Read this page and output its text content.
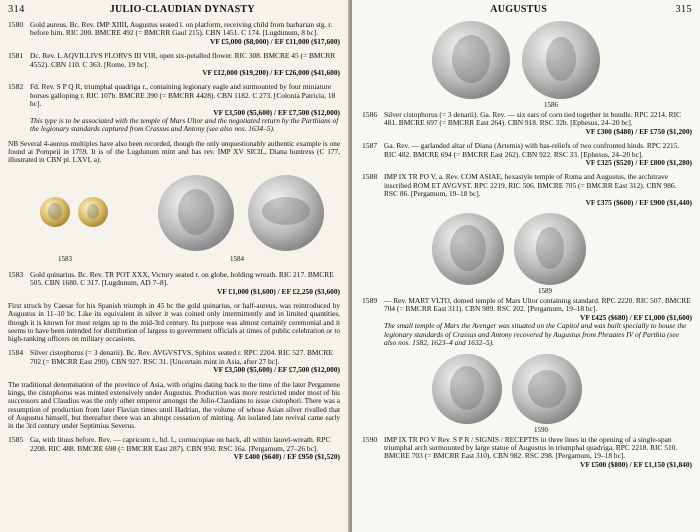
314	JULIO-CLAUDIAN DYNASTY
1580 Gold aureus. Bc. Rev. IMP XIIII, Augustus seated l. on platform, receiving child from barbarian stg. r. before him. RIC 200. BMCRE 492 (= BMCRR Gaul 215). CBN 1451. C 174. [Lugdunum, 8 bc].
VF £5,000 ($8,000) / EF £11,000 ($17,600)
1581 Dc. Rev. L AQVILLIVS FLORVS III VIR, open six-petalled flower. RIC 308. BMCRE 45 (= BMCRR 4552). CBN 110. C 363. [Rome, 19 bc].
VF £12,000 ($19,200) / EF £26,000 ($41,600)
1582 Fd. Rev. S P Q R, triumphal quadriga r., containing legionary eagle and surmounted by four miniature horses galloping r. RIC 107b. BMCRE 390 (= BMCRR 4428). CBN 1182. C 273. [Colonia Patricia, 18 bc].
VF £3,500 ($5,600) / EF £7,500 ($12,000)
This type is to be associated with the temple of Mars Ultor and the negotiated return by the Parthians of the legionary standards captured from Crassus and Antony (see also nos. 1634–5).
NB Several 4-aureus multiples have also been recorded, though the only unquestionably authentic example is one found at Pompeii in 1759. It is of the Lugdunum mint and has rev. IMP XV SICIL, Diana huntress (C 177, illustrated in CBN pl. LXVI, a).
1583	1584
1583 Gold quinarius. Bc. Rev. TR POT XXX, Victory seated r. on globe, holding wreath. RIC 217. BMCRE 505. CBN 1680. C 317. [Lugdunum, AD 7–8].
VF £1,000 ($1,600) / EF £2,250 ($3,600)
First struck by Caesar for his Spanish triumph in 45 bc the gold quinarius, or half-aureus, was reintroduced by Augustus in 11–10 bc. Like its equivalent in silver it was coined only intermittently and in limited quantities, though it is known for most reigns up to the mid-3rd century. Its purpose was almost certainly ceremonial and it seems to have been intended for distribution of largess to government officials at times of public celebration or to high-ranking officers on military occasions.
1584 Silver cistophorus (= 3 denarii). Bc. Rev. AVGVSTVS, Sphinx seated r. RPC 2204. RIC 527. BMCRE 702 (= BMCRR East 290). CBN 927. RSC 31. [Uncertain mint in Asia, after 27 bc].
VF £3,500 ($5,600) / EF £7,500 ($12,000)
The traditional denomination of the province of Asia, with origins dating back to the time of the later Pergamene kings, the cistophorus was minted extensively under Augustus. Production was more restricted under most of his successors and Claudius was the only other emperor amongst the Julio-Claudians to issue cistophori. There was a resumption of production from later Flavian times until Hadrian, the volume of whose Asian silver rivalled that of Augustus himself, but thereafter there was an abrupt cessation of minting. An isolated late revival came early in the 3rd century under Septimius Severus.
1585 Ga, with lituus before. Rev. — capricorn r., hd. l., cornucopiae on back, all within laurel-wreath. RPC 2208. RIC 488. BMCRE 698 (= BMCRR East 287). CBN 950. RSC 16a. [Pergamum, 27–26 bc].
VF £400 ($640) / EF £950 ($1,520)
AUGUSTUS	315
1586
1586 Silver cistophorus (= 3 denarii). Ga. Rev. — six ears of corn tied together in bundle. RPC 2214. RIC 481. BMCRE 697 (= BMCRR East 264). CBN 918. RSC 32b. [Ephesus, 24–20 bc].
VF £300 ($480) / EF £750 ($1,200)
1587 Ga. Rev. — garlanded altar of Diana (Artemis) with bas-reliefs of two confronted hinds. RPC 2215. RIC 482. BMCRE 694 (= BMCRR East 262). CBN 922. RSC 33. [Ephesus, 24–20 bc].
VF £325 ($520) / EF £800 ($1,280)
1588 IMP IX TR PO V, a. Rev. COM ASIAE, hexastyle temple of Roma and Augustus, the architrave inscribed ROM ET AVGVST. RPC 2219. RIC 506. BMCRE 705 (= BMCRR East 312). CBN 986. RSC 86. [Pergamum, 19–18 bc].
VF £375 ($600) / EF £900 ($1,440)
1589
1589 — Rev. MART VLTO, domed temple of Mars Ultor containing standard. RPC 2220. RIC 507. BMCRE 704 (= BMCRR East 311). CBN 989. RSC 202. [Pergamum, 19–18 bc].
VF £425 ($680) / EF £1,000 ($1,600)
The small temple of Mars the Avenger was situated on the Capitol and was built specially to house the legionary standards of Crassus and Antony recovered by Augustus from Phraates IV of Parthia (see also nos. 1582, 1623–4 and 1632–5).
1590
1590 IMP IX TR PO V Rev. S P R / SIGNIS / RECEPTIS in three lines in the opening of a single-span triumphal arch surmounted by large statue of Augustus in triumphal quadriga. RPC 2218. RIC 510. BMCRE 703 (= BMCRR East 310). CBN 982. RSC 298. [Pergamum, 19–18 bc].
VF £500 ($800) / EF £1,150 ($1,840)
